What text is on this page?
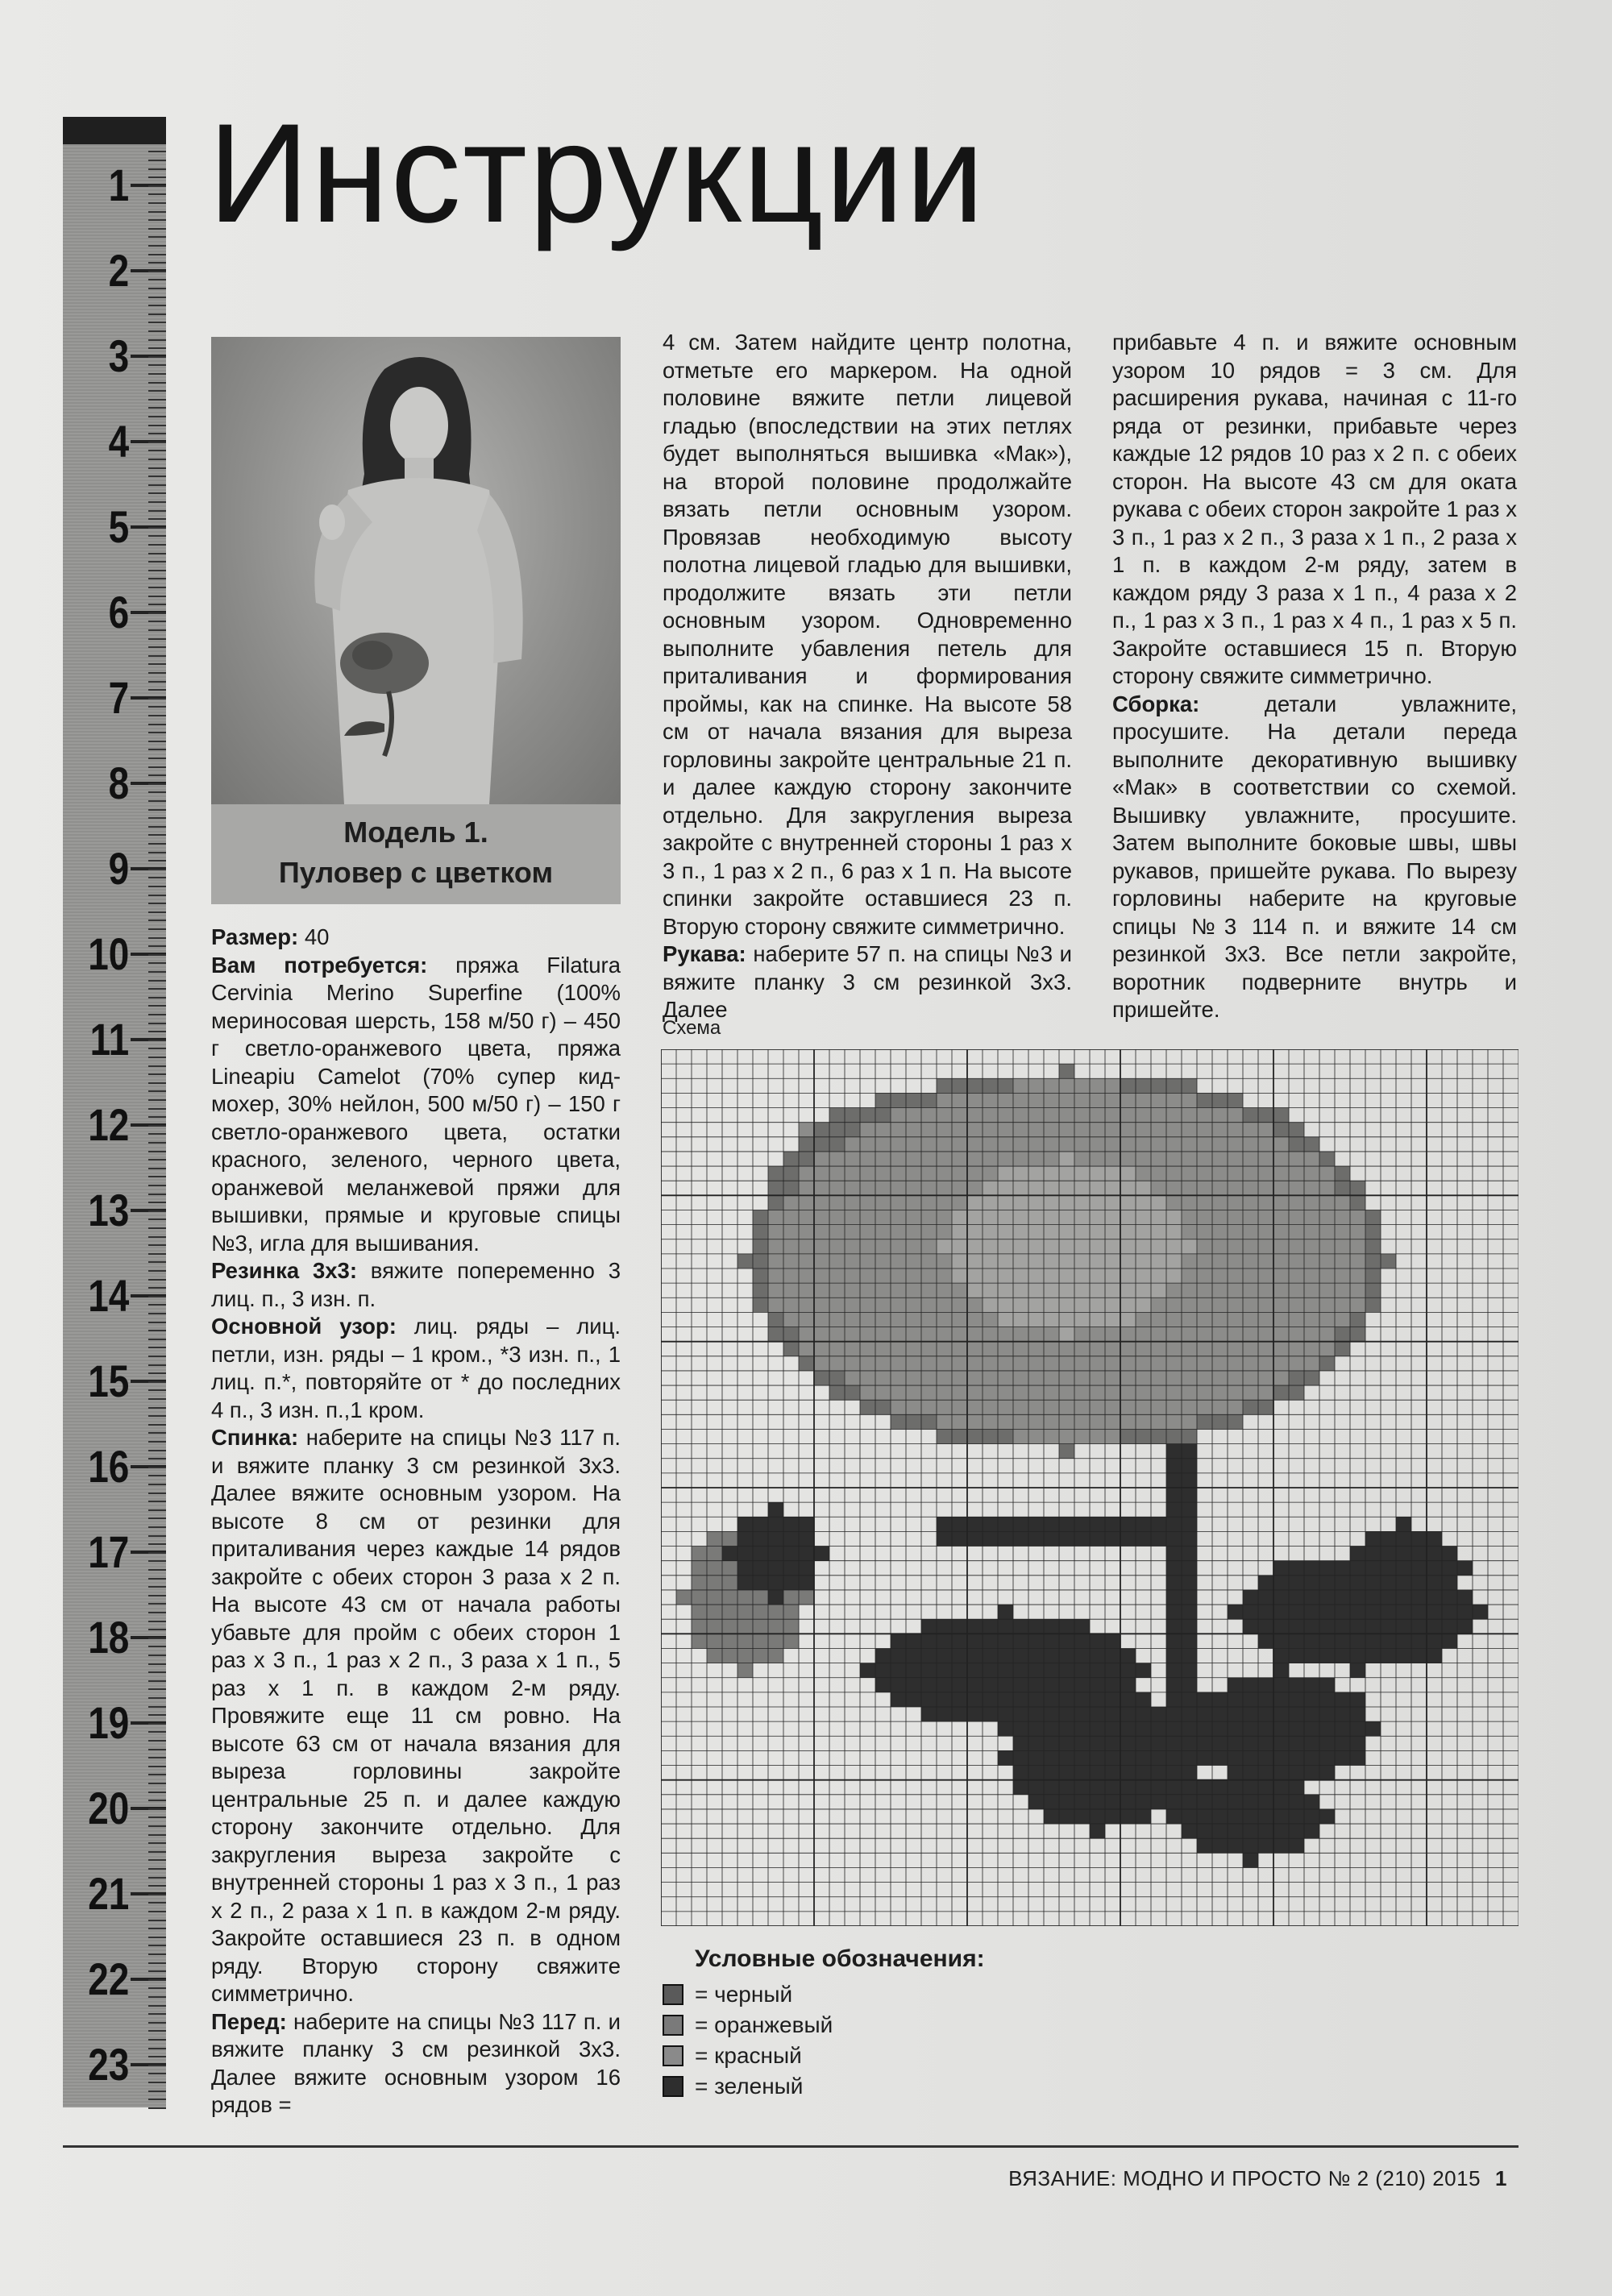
1
2
3
4
5
6
7
8
9
10
11
12
13
14
15
16
17
18
19
20
21
22
23

Инструкции
Модель 1.
Пуловер с цветком

Размер: 40

Вам потребуется: пряжа Filatura Cervinia Merino Superfine (100% мериносовая шерсть, 158 м/50 г) – 450 г светло-оранжевого цвета, пряжа Lineapiu Camelot (70% супер кид-мохер, 30% нейлон, 500 м/50 г) – 150 г светло-оранжевого цвета, остатки красного, зеленого, черного цвета, оранжевой меланжевой пряжи для вышивки, прямые и круговые спицы №3, игла для вышивания.

Резинка 3х3: вяжите попеременно 3 лиц. п., 3 изн. п.

Основной узор: лиц. ряды – лиц. петли, изн. ряды – 1 кром., *3 изн. п., 1 лиц. п.*, повторяйте от * до последних 4 п., 3 изн. п.,1 кром.

Спинка: наберите на спицы №3 117 п. и вяжите планку 3 см резинкой 3х3. Далее вяжите основным узором. На высоте 8 см от резинки для приталивания через каждые 14 рядов закройте с обеих сторон 3 раза х 2 п. На высоте 43 см от начала работы убавьте для пройм с обеих сторон 1 раз х 3 п., 1 раз х 2 п., 3 раза х 1 п., 5 раз х 1 п. в каждом 2-м ряду. Провяжите еще 11 см ровно. На высоте 63 см от начала вязания для выреза горловины закройте центральные 25 п. и далее каждую сторону закончите отдельно. Для закругления выреза закройте с внутренней стороны 1 раз х 3 п., 1 раз х 2 п., 2 раза х 1 п. в каждом 2-м ряду. Закройте оставшиеся 23 п. в одном ряду. Вторую сторону свяжите симметрично.

Перед: наберите на спицы №3 117 п. и вяжите планку 3 см резинкой 3х3. Далее вяжите основным узором 16 рядов =

4 см. Затем найдите центр полотна, отметьте его маркером. На одной половине вяжите петли лицевой гладью (впоследствии на этих петлях будет выполняться вышивка «Мак»), на второй половине продолжайте вязать петли основным узором. Провязав необходимую высоту полотна лицевой гладью для вышивки, продолжите вязать эти петли основным узором. Одновременно выполните убавления петель для приталивания и формирования проймы, как на спинке. На высоте 58 см от начала вязания для выреза горловины закройте центральные 21 п. и далее каждую сторону закончите отдельно. Для закругления выреза закройте с внутренней стороны 1 раз х 3 п., 1 раз х 2 п., 6 раз х 1 п. На высоте спинки закройте оставшиеся 23 п. Вторую сторону свяжите симметрично.

Рукава: наберите 57 п. на спицы №3 и вяжите планку 3 см резинкой 3х3. Далее

прибавьте 4 п. и вяжите основным узором 10 рядов = 3 см. Для расширения рукава, начиная с 11-го ряда от резинки, прибавьте через каждые 12 рядов 10 раз х 2 п. с обеих сторон. На высоте 43 см для оката рукава с обеих сторон закройте 1 раз х 3 п., 1 раз х 2 п., 3 раза х 1 п., 2 раза х 1 п. в каждом 2-м ряду, затем в каждом ряду 3 раза х 1 п., 4 раза х 2 п., 1 раз х 3 п., 1 раз х 4 п., 1 раз х 5 п. Закройте оставшиеся 15 п. Вторую сторону свяжите симметрично.

Сборка: детали увлажните, просушите. На детали переда выполните декоративную вышивку «Мак» в соответствии со схемой. Вышивку увлажните, просушите. Затем выполните боковые швы, швы рукавов, пришейте рукава. По вырезу горловины наберите на круговые спицы №3 114 п. и вяжите 14 см резинкой 3х3. Все петли закройте, воротник подверните внутрь и пришейте.

Схема
Условные обозначения:
= черный
= оранжевый
= красный
= зеленый
ВЯЗАНИЕ: МОДНО И ПРОСТО № 2 (210) 2015 1
